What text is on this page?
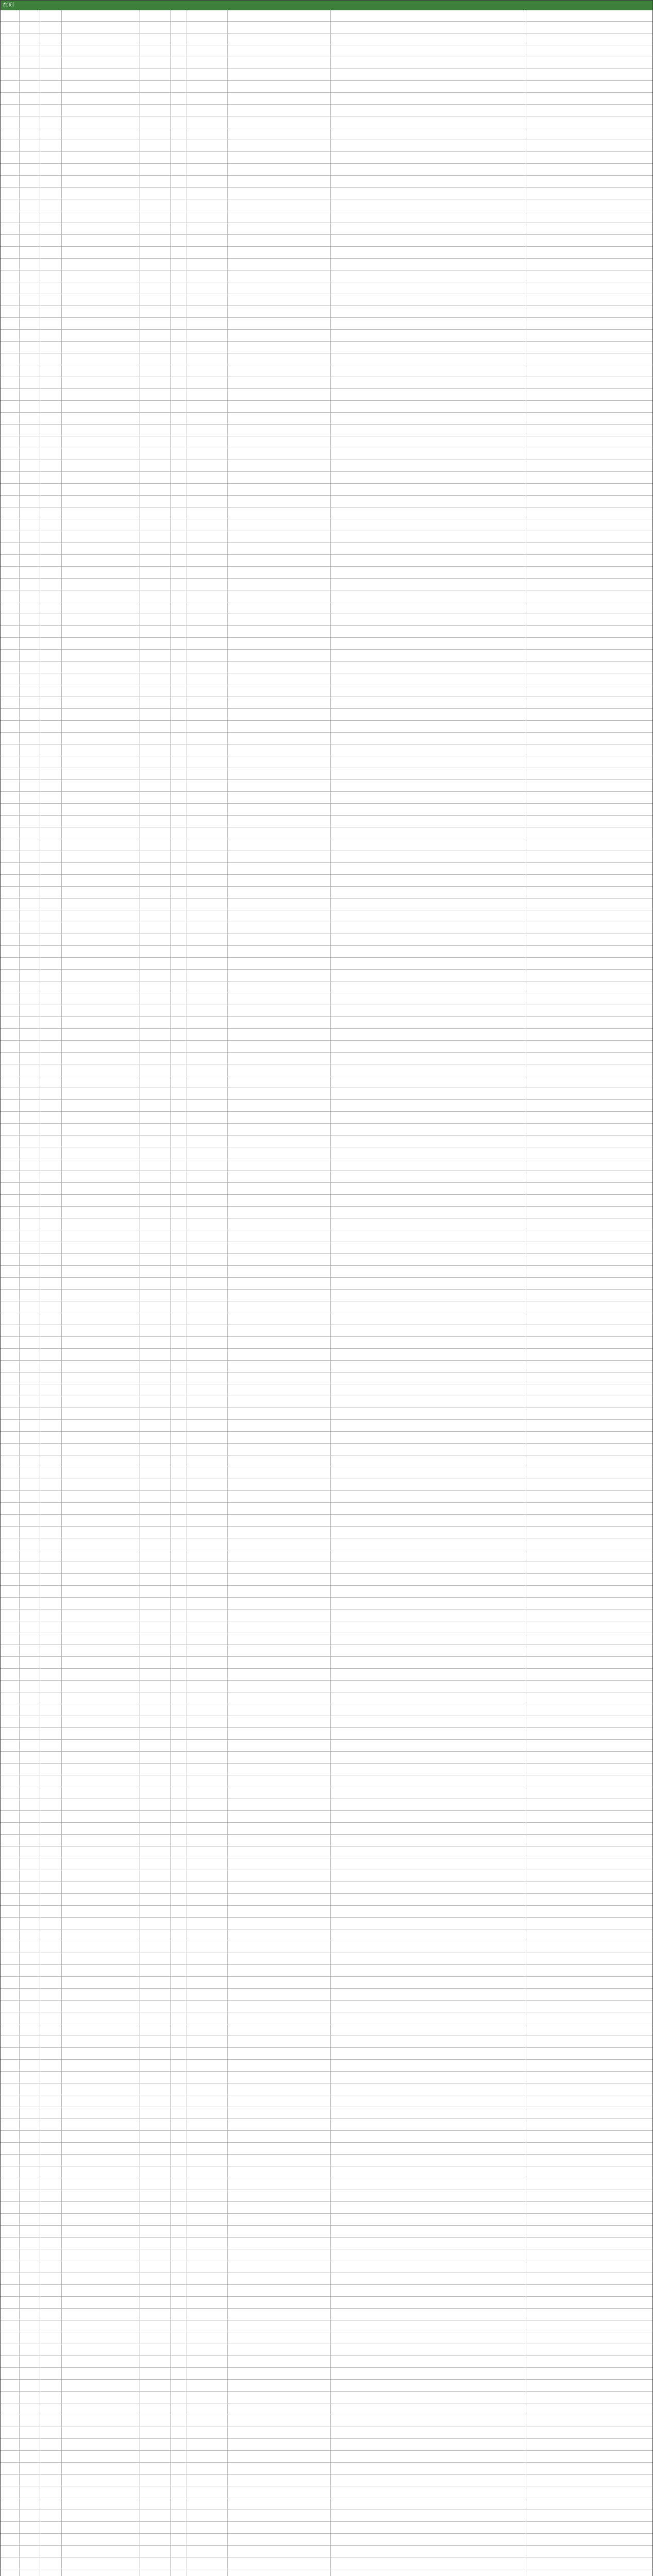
在刻
